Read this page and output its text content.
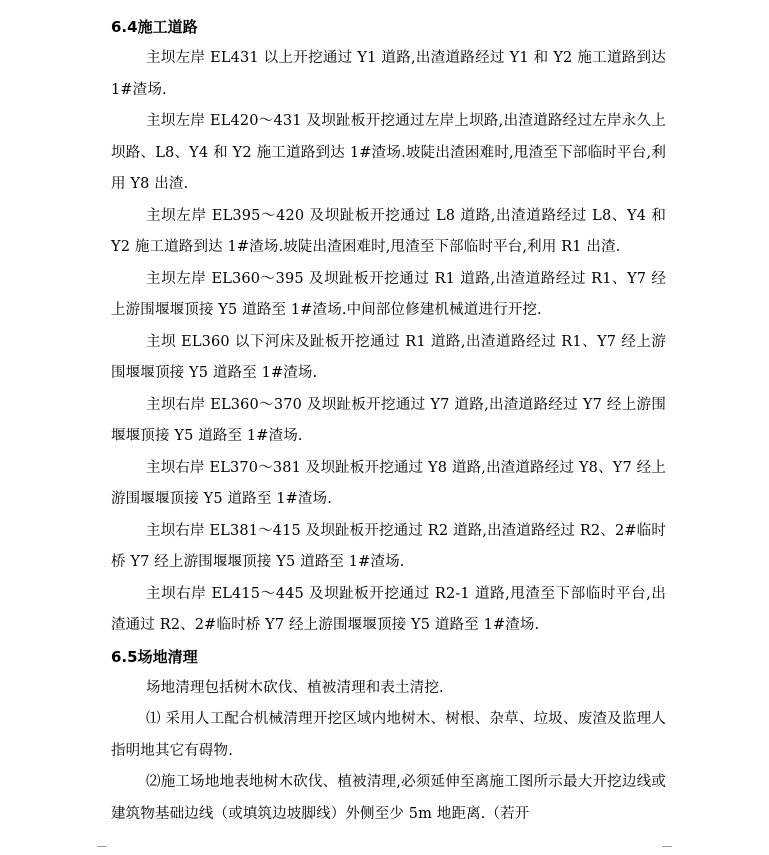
6.4施工道路

主坝左岸 EL431 以上开挖通过 Y1 道路,出渣道路经过 Y1 和 Y2 施工道路到达 1#渣场.

主坝左岸 EL420～431 及坝趾板开挖通过左岸上坝路,出渣道路经过左岸永久上坝路、L8、Y4 和 Y2 施工道路到达 1#渣场.坡陡出渣困难时,甩渣至下部临时平台,利用 Y8 出渣.

主坝左岸 EL395～420 及坝趾板开挖通过 L8 道路,出渣道路经过 L8、Y4 和 Y2 施工道路到达 1#渣场.坡陡出渣困难时,甩渣至下部临时平台,利用 R1 出渣.

主坝左岸 EL360～395 及坝趾板开挖通过 R1 道路,出渣道路经过 R1、Y7 经上游围堰堰顶接 Y5 道路至 1#渣场.中间部位修建机械道进行开挖.

主坝 EL360 以下河床及趾板开挖通过 R1 道路,出渣道路经过 R1、Y7 经上游围堰堰顶接 Y5 道路至 1#渣场.

主坝右岸 EL360～370 及坝趾板开挖通过 Y7 道路,出渣道路经过 Y7 经上游围堰堰顶接 Y5 道路至 1#渣场.

主坝右岸 EL370～381 及坝趾板开挖通过 Y8 道路,出渣道路经过 Y8、Y7 经上游围堰堰顶接 Y5 道路至 1#渣场.

主坝右岸 EL381～415 及坝趾板开挖通过 R2 道路,出渣道路经过 R2、2#临时桥 Y7 经上游围堰堰顶接 Y5 道路至 1#渣场.

主坝右岸 EL415～445 及坝趾板开挖通过 R2-1 道路,甩渣至下部临时平台,出渣通过 R2、2#临时桥 Y7 经上游围堰堰顶接 Y5 道路至 1#渣场.

6.5场地清理

场地清理包括树木砍伐、植被清理和表土清挖.

⑴ 采用人工配合机械清理开挖区域内地树木、树根、杂草、垃圾、废渣及监理人指明地其它有碍物.

⑵施工场地地表地树木砍伐、植被清理,必须延伸至离施工图所示最大开挖边线或建筑物基础边线（或填筑边坡脚线）外侧至少 5m 地距离.（若开
